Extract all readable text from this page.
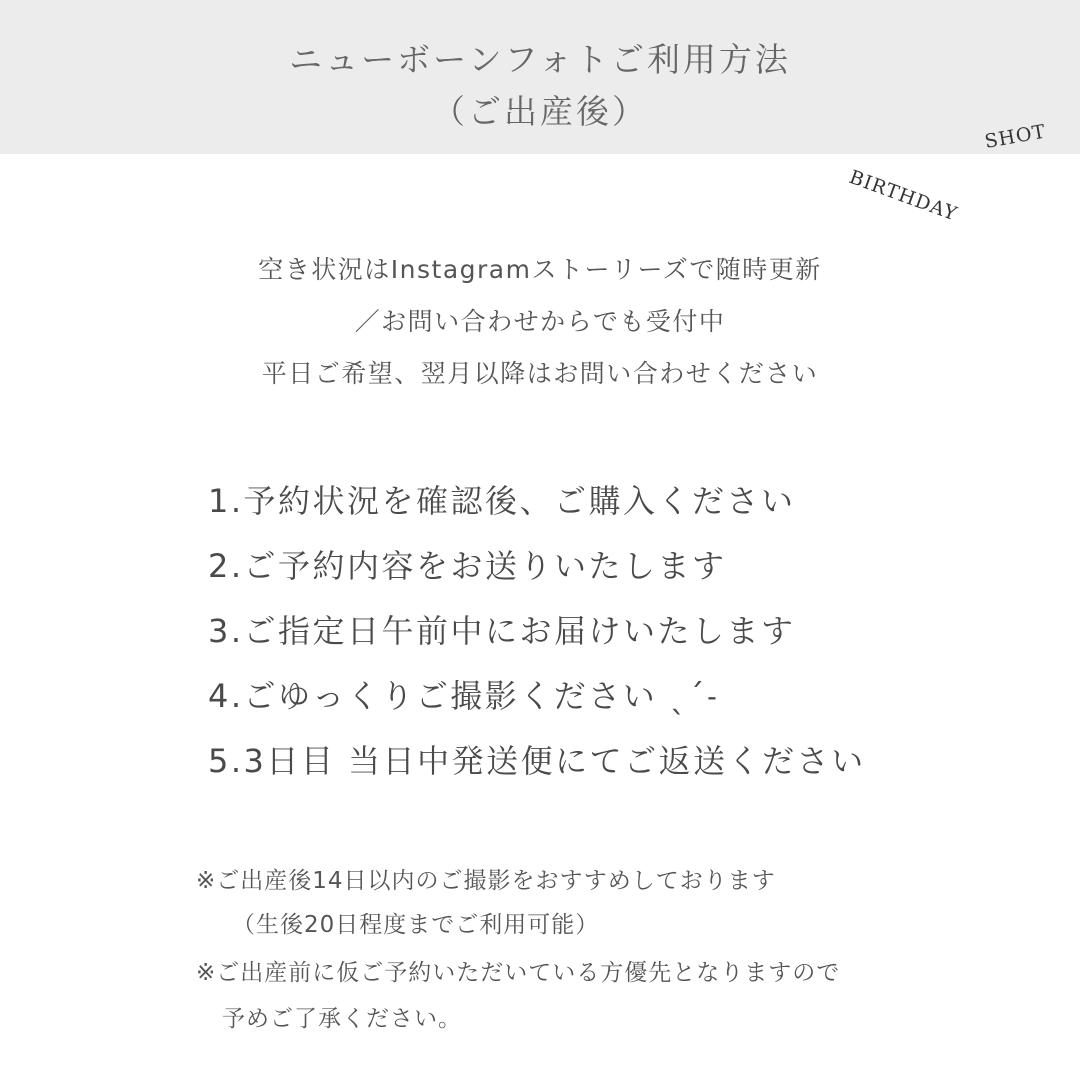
ニューボーンフォトご利用方法
（ご出産後）
BIRTHDAY
SHOT
空き状況はInstagramストーリーズで随時更新
／お問い合わせからでも受付中
平日ご希望、翌月以降はお問い合わせください
1.予約状況を確認後、ご購入ください
2.ご予約内容をお送りいたします
3.ご指定日午前中にお届けいたします
4.ごゆっくりご撮影ください ˎˊ˗
5.3日目 当日中発送便にてご返送ください
※ご出産後14日以内のご撮影をおすすめしております
（生後20日程度までご利用可能）
※ご出産前に仮ご予約いただいている方優先となりますので
予めご了承ください。
